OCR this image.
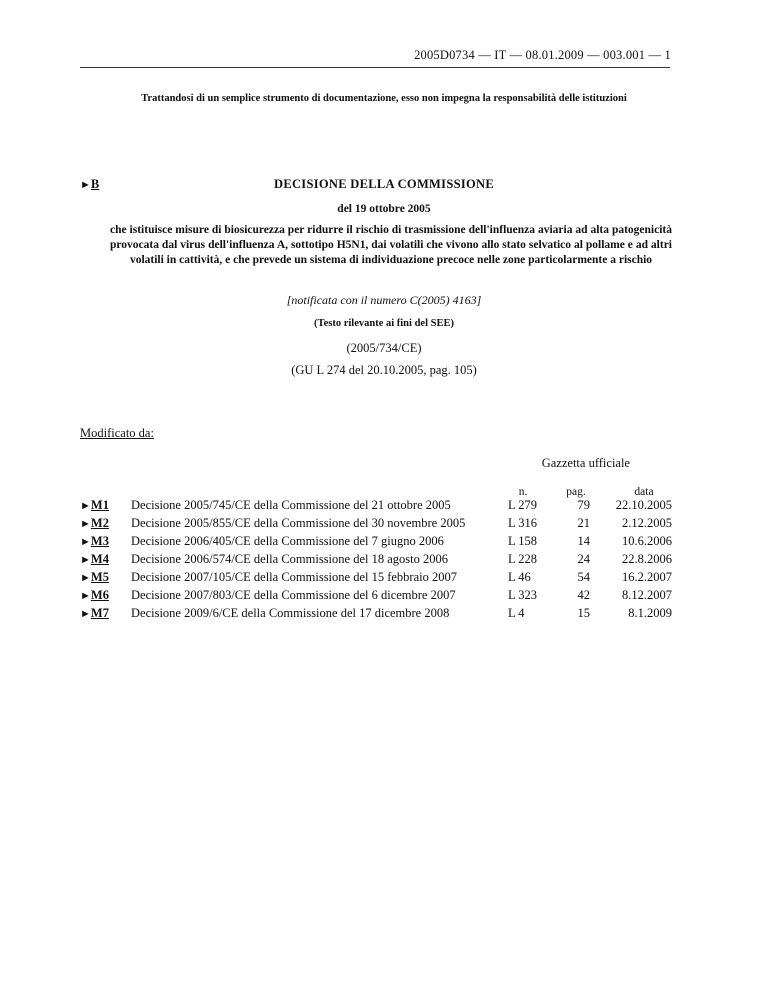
2005D0734 — IT — 08.01.2009 — 003.001 — 1
Trattandosi di un semplice strumento di documentazione, esso non impegna la responsabilità delle istituzioni
►B	DECISIONE DELLA COMMISSIONE
del 19 ottobre 2005
che istituisce misure di biosicurezza per ridurre il rischio di trasmissione dell'influenza aviaria ad alta patogenicità provocata dal virus dell'influenza A, sottotipo H5N1, dai volatili che vivono allo stato selvatico al pollame e ad altri volatili in cattività, e che prevede un sistema di individuazione precoce nelle zone particolarmente a rischio
[notificata con il numero C(2005) 4163]
(Testo rilevante ai fini del SEE)
(2005/734/CE)
(GU L 274 del 20.10.2005, pag. 105)
Modificato da:
Gazzetta ufficiale
n.	pag.	data
►M1 Decisione 2005/745/CE della Commissione del 21 ottobre 2005	L 279	79	22.10.2005
►M2 Decisione 2005/855/CE della Commissione del 30 novembre 2005	L 316	21	2.12.2005
►M3 Decisione 2006/405/CE della Commissione del 7 giugno 2006	L 158	14	10.6.2006
►M4 Decisione 2006/574/CE della Commissione del 18 agosto 2006	L 228	24	22.8.2006
►M5 Decisione 2007/105/CE della Commissione del 15 febbraio 2007	L 46	54	16.2.2007
►M6 Decisione 2007/803/CE della Commissione del 6 dicembre 2007	L 323	42	8.12.2007
►M7 Decisione 2009/6/CE della Commissione del 17 dicembre 2008	L 4	15	8.1.2009
